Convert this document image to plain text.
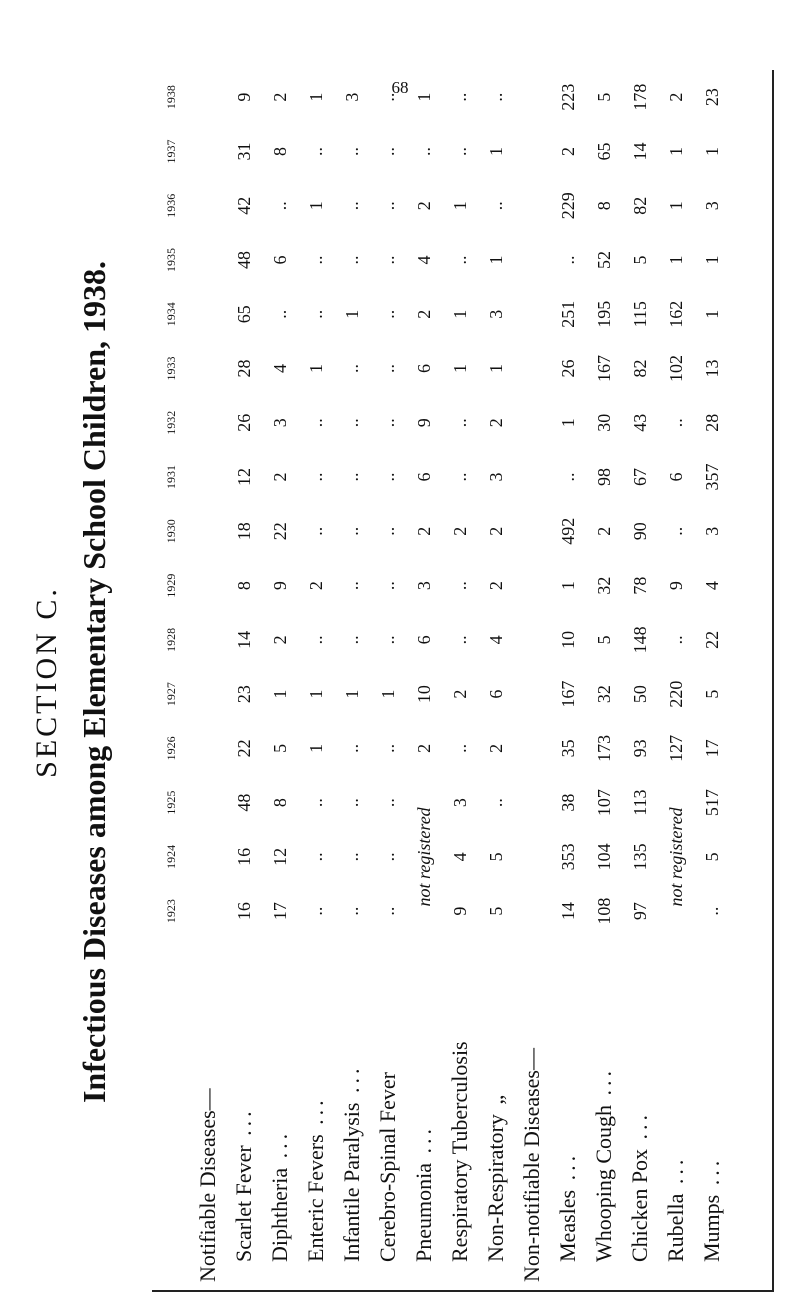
68
SECTION C. Infectious Diseases among Elementary School Children, 1938.
		1923	1924	1925	1926	1927	1928	1929	1930	1931	1932	1933	1934	1935	1936	1937	1938
Notifiable Diseases—																
Scarlet Fever ...	16	16	48	22	23	14	8	18	12	26	28	65	48	42	31	9
Diphtheria ...	17	12	8	5	1	2	9	22	2	3	4	..	6	..	8	2
Enteric Fevers ...	..	..	..	1	1	..	2	..	..	..	1	..	..	1	..	1
Infantile Paralysis ...	..	..	..	..	1	..	..	..	..	..	..	1	..	..	..	3
Cerebro-Spinal Fever	..	..	..	..	1	..	..	..	..	..	..	..	..	..	..	..
Pneumonia ...	not registered			2	10	6	3	2	6	9	6	2	4	2	..	1
Respiratory Tuberculosis	9	4	3	..	2	..	..	2	..	..	1	1	..	1	..	..
Non-Respiratory „	5	5	..	2	6	4	2	2	3	2	1	3	1	..	1	..
Non-notifiable Diseases—																
Measles ...	14	353	38	35	167	10	1	492	..	1	26	251	..	229	2	223
Whooping Cough ...	108	104	107	173	32	5	32	2	98	30	167	195	52	8	65	5
Chicken Pox ...	97	135	113	93	50	148	78	90	67	43	82	115	5	82	14	178
Rubella ...	not registered			127	220	..	9	..	6	..	102	162	1	1	1	2
Mumps ...	..	5	517	17	5	22	4	3	357	28	13	1	1	3	1	23
